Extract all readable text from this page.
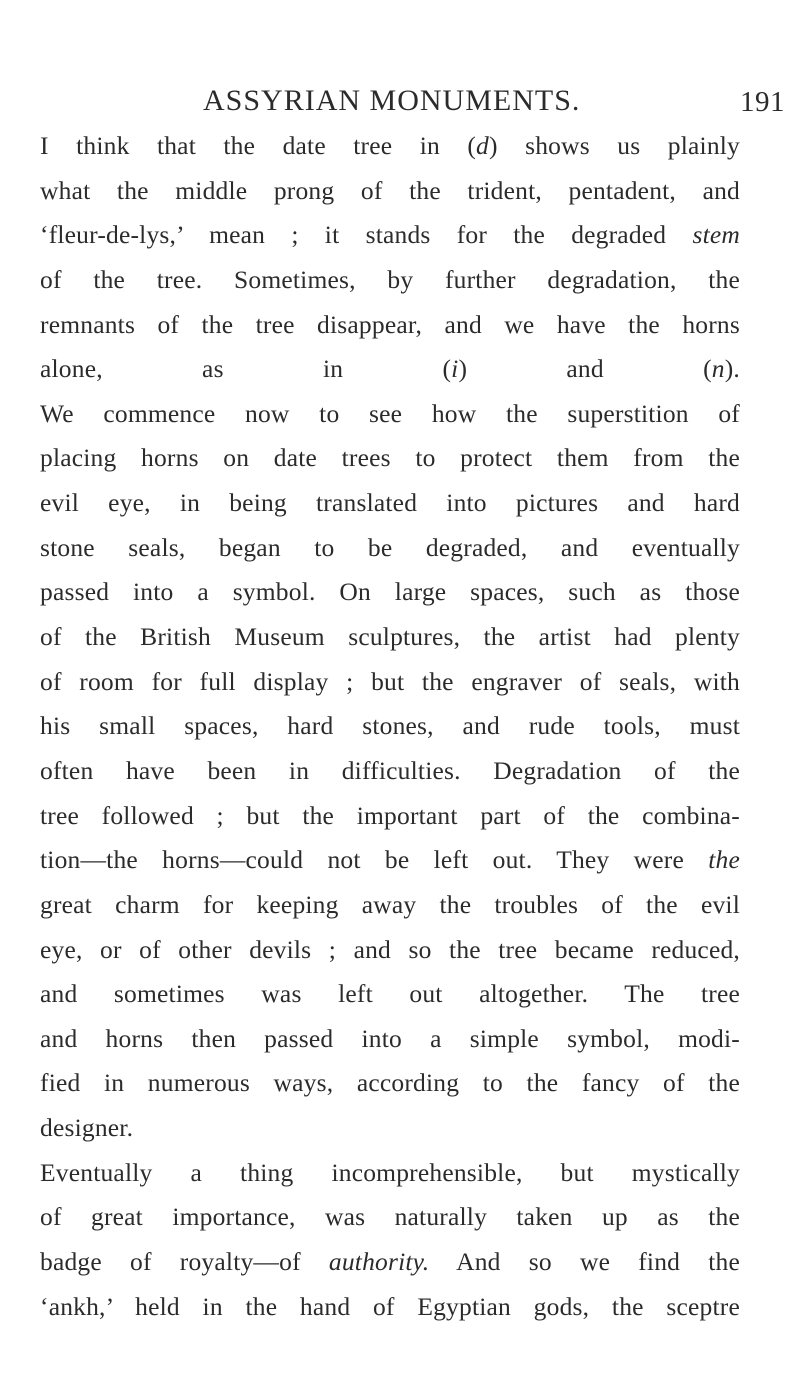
ASSYRIAN MONUMENTS.	191
I think that the date tree in (d) shows us plainly
what the middle prong of the trident, pentadent, and
‘fleur-de-lys,’ mean ; it stands for the degraded stem
of the tree. Sometimes, by further degradation, the
remnants of the tree disappear, and we have the horns
alone, as in (i) and (n).
We commence now to see how the superstition of
placing horns on date trees to protect them from the
evil eye, in being translated into pictures and hard
stone seals, began to be degraded, and eventually
passed into a symbol. On large spaces, such as those
of the British Museum sculptures, the artist had plenty
of room for full display ; but the engraver of seals, with
his small spaces, hard stones, and rude tools, must
often have been in difficulties. Degradation of the
tree followed ; but the important part of the combina-
tion—the horns—could not be left out. They were the
great charm for keeping away the troubles of the evil
eye, or of other devils ; and so the tree became reduced,
and sometimes was left out altogether. The tree
and horns then passed into a simple symbol, modi-
fied in numerous ways, according to the fancy of the
designer.
Eventually a thing incomprehensible, but mystically
of great importance, was naturally taken up as the
badge of royalty—of authority. And so we find the
‘ankh,’ held in the hand of Egyptian gods, the sceptre
